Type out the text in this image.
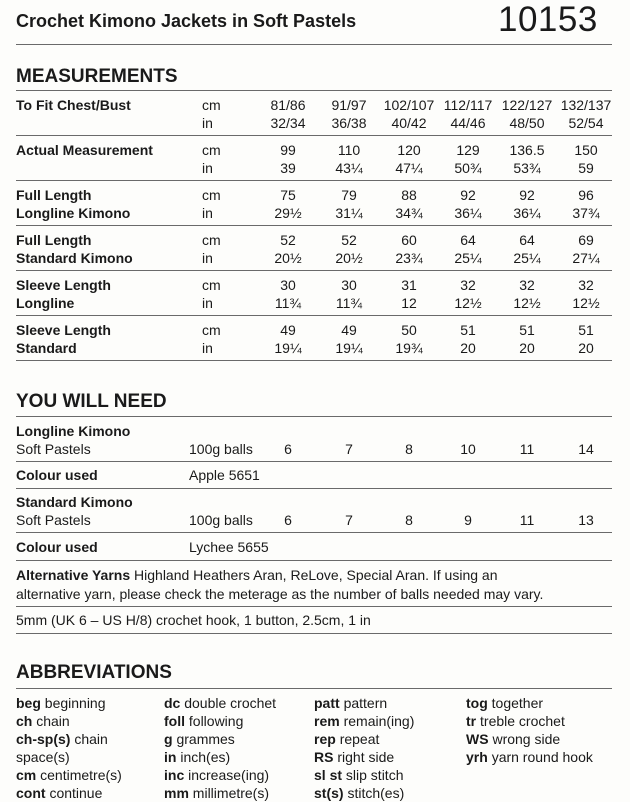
Crochet Kimono Jackets in Soft Pastels	10153
MEASUREMENTS
To Fit Chest/Bust	cm	81/86	91/97	102/107 112/117 122/127 132/137
in	32/34	36/38	40/42	44/46	48/50	52/54
Actual Measurement	cm	99	110	120	129	136.5	150
in	39	43¼	47¼	50¾	53¾	59
Full Length	cm	75	79	88	92	92	96
Longline Kimono	in	29½	31¼	34¾	36¼	36¼	37¾
Full Length	cm	52	52	60	64	64	69
Standard Kimono	in	20½	20½	23¾	25¼	25¼	27¼
Sleeve Length	cm	30	30	31	32	32	32
Longline	in	11¾	11¾	12	12½	12½	12½
Sleeve Length	cm	49	49	50	51	51	51
Standard	in	19¼	19¼	19¾	20	20	20
YOU WILL NEED
Longline Kimono
Soft Pastels	100g balls	6	7	8	10	11	14
Colour used	Apple 5651
Standard Kimono
Soft Pastels	100g balls	6	7	8	9	11	13
Colour used	Lychee 5655
Alternative Yarns Highland Heathers Aran, ReLove, Special Aran. If using an
alternative yarn, please check the meterage as the number of balls needed may vary.
5mm (UK 6 – US H/8) crochet hook, 1 button, 2.5cm, 1 in
ABBREVIATIONS
beg beginning
ch chain
ch-sp(s) chain
space(s)
cm centimetre(s)
cont continue
dc double crochet
foll following
g grammes
in inch(es)
inc increase(ing)
mm millimetre(s)
patt pattern
rem remain(ing)
rep repeat
RS right side
sl st slip stitch
st(s) stitch(es)
tog together
tr treble crochet
WS wrong side
yrh yarn round hook
